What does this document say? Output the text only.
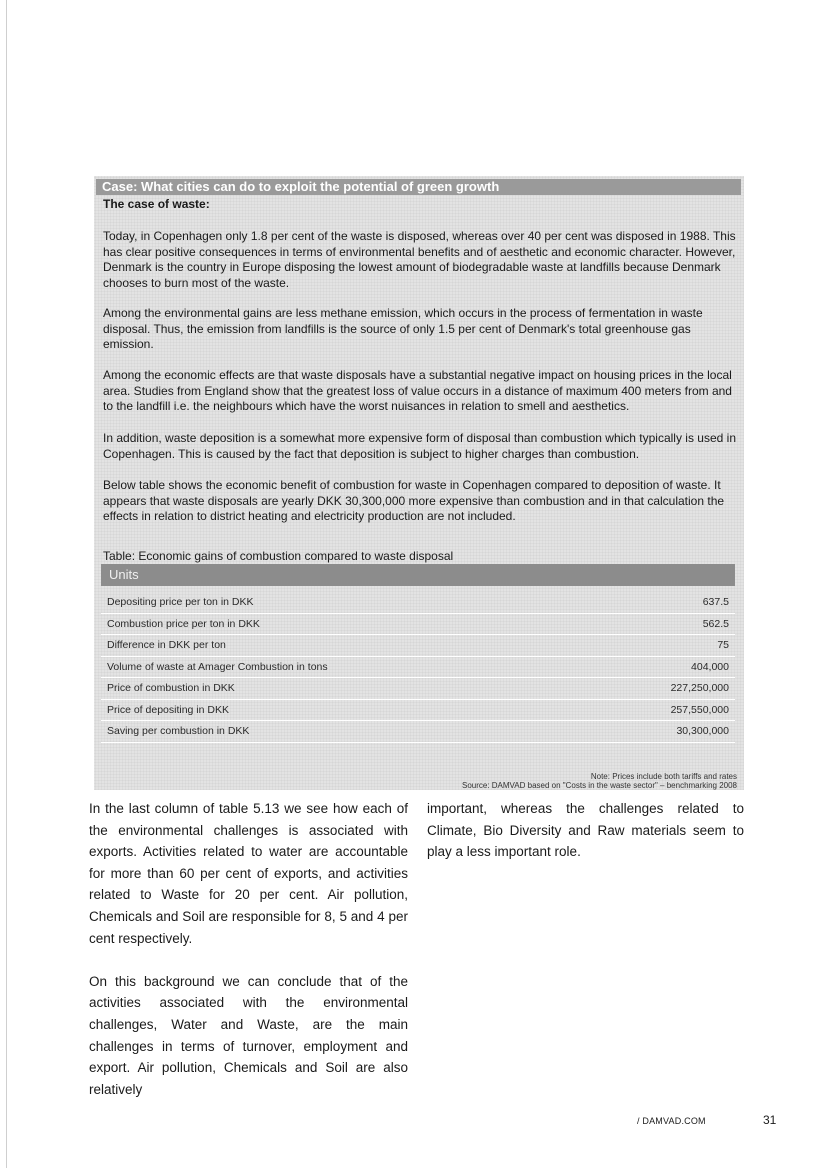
Case: What cities can do to exploit the potential of green growth
The case of waste:
Today, in Copenhagen only 1.8 per cent of the waste is disposed, whereas over 40 per cent was disposed in 1988. This has clear positive consequences in terms of environmental benefits and of aesthetic and economic character. However, Denmark is the country in Europe disposing the lowest amount of biodegradable waste at landfills because Denmark chooses to burn most of the waste.
Among the environmental gains are less methane emission, which occurs in the process of fermentation in waste disposal. Thus, the emission from landfills is the source of only 1.5 per cent of Denmark's total greenhouse gas emission.
Among the economic effects are that waste disposals have a substantial negative impact on housing prices in the local area. Studies from England show that the greatest loss of value occurs in a distance of maximum 400 meters from and to the landfill i.e. the neighbours which have the worst nuisances in relation to smell and aesthetics.
In addition, waste deposition is a somewhat more expensive form of disposal than combustion which typically is used in Copenhagen. This is caused by the fact that deposition is subject to higher charges than combustion.
Below table shows the economic benefit of combustion for waste in Copenhagen compared to deposition of waste. It appears that waste disposals are yearly DKK 30,300,000 more expensive than combustion and in that calculation the effects in relation to district heating and electricity production are not included.
Table: Economic gains of combustion compared to waste disposal
Units
Depositing price per ton in DKK	637.5
Combustion price per ton in DKK	562.5
Difference in DKK per ton	75
Volume of waste at Amager Combustion in tons	404,000
Price of combustion in DKK	227,250,000
Price of depositing in DKK	257,550,000
Saving per combustion in DKK	30,300,000
Note: Prices include both tariffs and rates
Source: DAMVAD based on "Costs in the waste sector" – benchmarking 2008

In the last column of table 5.13 we see how each of the environmental challenges is associated with exports. Activities related to water are accountable for more than 60 per cent of exports, and activities related to Waste for 20 per cent. Air pollution, Chemicals and Soil are responsible for 8, 5 and 4 per cent respectively.

On this background we can conclude that of the activities associated with the environmental challenges, Water and Waste, are the main challenges in terms of turnover, employment and export. Air pollution, Chemicals and Soil are also relatively

important, whereas the challenges related to Climate, Bio Diversity and Raw materials seem to play a less important role.

/ DAMVAD.COM	31
